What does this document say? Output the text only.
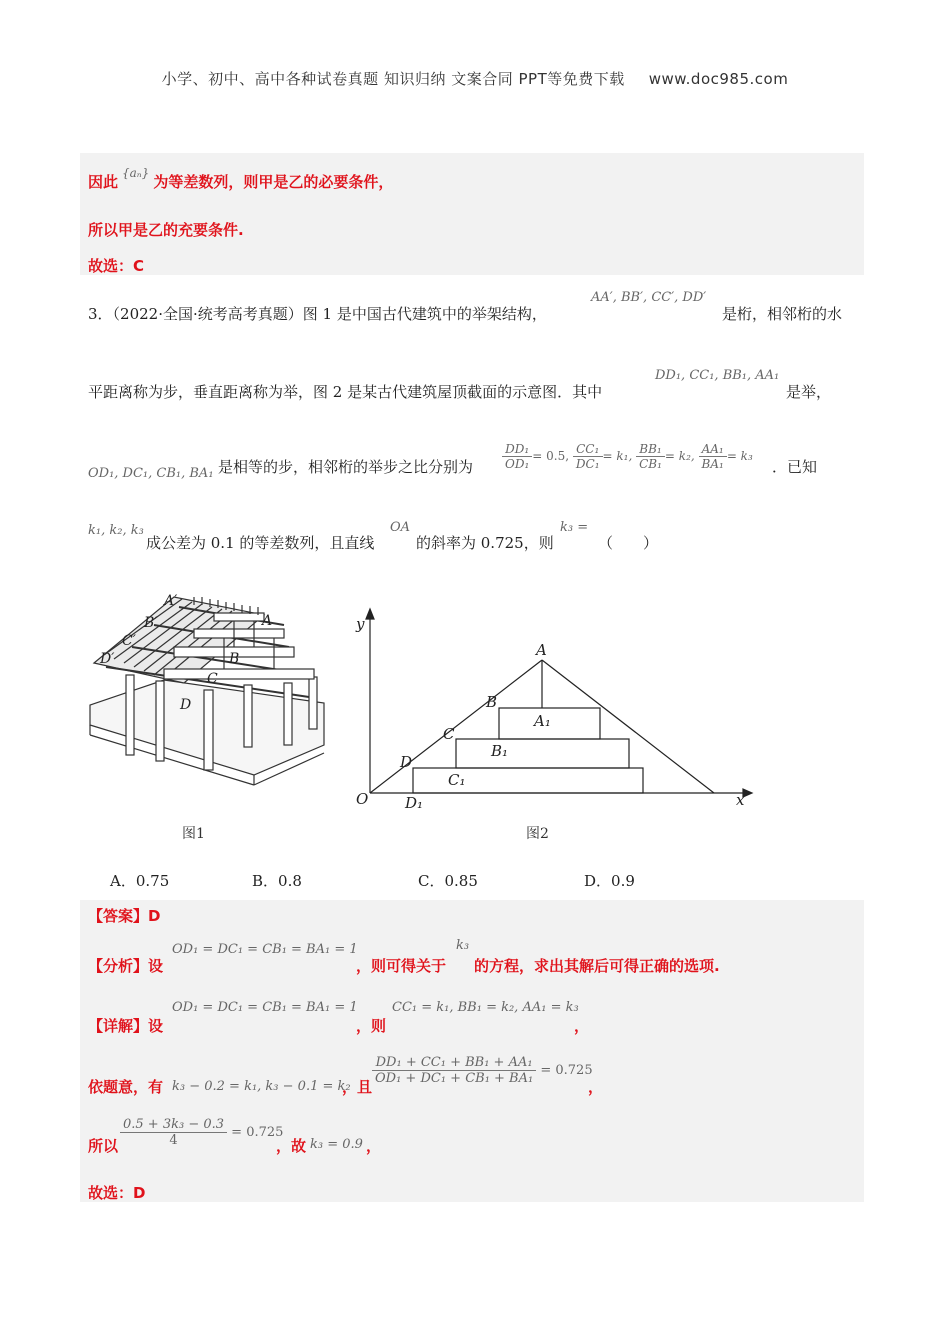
小学、初中、高中各种试卷真题 知识归纳 文案合同 PPT等免费下载 www.doc985.com
因此 $^{\{a_n\}}$ 为等差数列，则甲是乙的必要条件，
所以甲是乙的充要条件.
故选：C
3．（2022·全国·统考高考真题）图 1 是中国古代建筑中的举架结构，
AA′, BB′, CC′, DD′
是桁，相邻桁的水
平距离称为步，垂直距离称为举，图 2 是某古代建筑屋顶截面的示意图．其中
DD₁, CC₁, BB₁, AA₁
是举，
OD₁, DC₁, CB₁, BA₁ 是相等的步，相邻桁的举步之比分别为 $\frac{\text{DD₁}}{\text{OD₁}} = 0.5$, $\frac{\text{CC₁}}{\text{DC₁}} = k_1$, $\frac{\text{BB₁}}{\text{CB₁}} = k_2$, $\frac{\text{AA₁}}{\text{BA₁}} = k_3$
．已知
k₁, k₂, k₃
成公差为 0.1 的等差数列，且直线
OA
的斜率为 0.725，则
k₃ =
（　　）
A′
B′
C′
D′
A
B
C
D
图1
y
x
O
A
B
C
D
A₁
B₁
C₁
D₁
图2
A．0.75	B．0.8	C．0.85	D．0.9
【答案】D
【分析】设
OD₁ = DC₁ = CB₁ = BA₁ = 1
，则可得关于
k₃
的方程，求出其解后可得正确的选项.
【详解】设
OD₁ = DC₁ = CB₁ = BA₁ = 1
，则
CC₁ = k₁, BB₁ = k₂, AA₁ = k₃
，
依题意，有 k₃ − 0.2 = k₁, k₃ − 0.1 = k₂
，且
$\frac{\text{DD₁ + CC₁ + BB₁ + AA₁}}{\text{OD₁ + DC₁ + CB₁ + BA₁}} = 0.725$
，
所以 $\frac{\text{0.5 + 3k₃ − 0.3}}{4} = 0.725$
，故 k₃ = 0.9 ，
故选：D
